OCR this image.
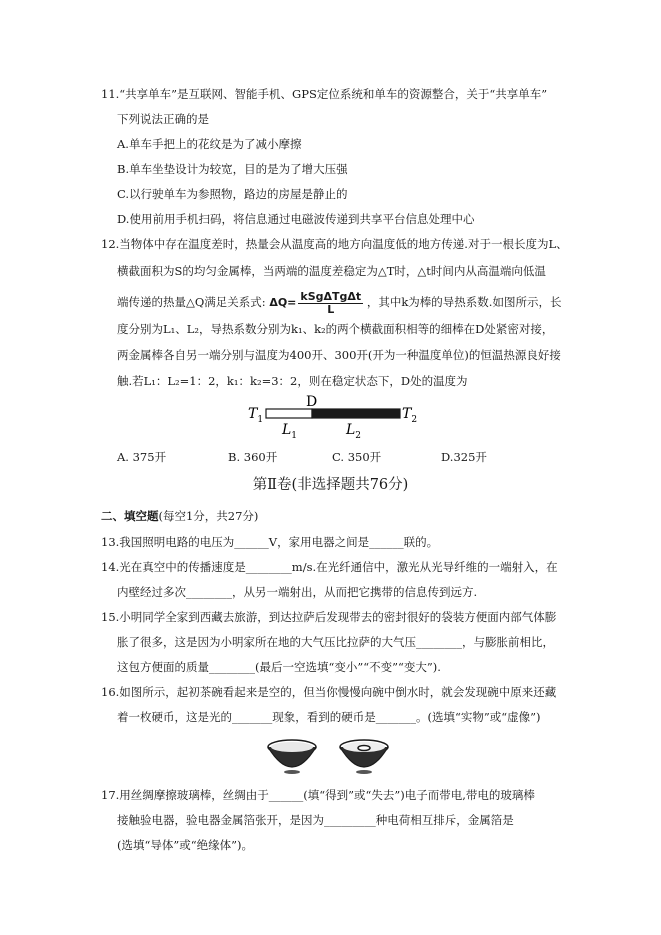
11.“共享单车”是互联网、智能手机、GPS定位系统和单车的资源整合，关于“共享单车”
下列说法正确的是
A.单车手把上的花纹是为了减小摩擦
B.单车坐垫设计为较宽，目的是为了增大压强
C.以行驶单车为参照物，路边的房屋是静止的
D.使用前用手机扫码，将信息通过电磁波传递到共享平台信息处理中心
12.当物体中存在温度差时，热量会从温度高的地方向温度低的地方传递.对于一根长度为L、
横截面积为S的均匀金属棒，当两端的温度差稳定为△T时，△t时间内从高温端向低温
端传递的热量△Q满足关系式: $\Delta Q= \frac{\text{kSgΔTgΔt}}{L}$ ，其中k为棒的导热系数.如图所示，长
度分别为L₁、L₂，导热系数分别为k₁、k₂的两个横截面积相等的细棒在D处紧密对接，
两金属棒各自另一端分别与温度为400开、300开(开为一种温度单位)的恒温热源良好接
触.若L₁：L₂=1：2，k₁：k₂=3：2，则在稳定状态下，D处的温度为
$T_1$
D
$T_2$
$L_1$	$L_2$
A. 375开	B. 360开	C. 350开	D.325开
第Ⅱ卷(非选择题共76分)
二、填空题(每空1分，共27分)
13.我国照明电路的电压为______V，家用电器之间是______联的。
14.光在真空中的传播速度是________m/s.在光纤通信中，激光从光导纤维的一端射入，在
内壁经过多次________，从另一端射出，从而把它携带的信息传到远方.
15.小明同学全家到西藏去旅游，到达拉萨后发现带去的密封很好的袋装方便面内部气体膨
胀了很多，这是因为小明家所在地的大气压比拉萨的大气压________，与膨胀前相比，
这包方便面的质量________(最后一空选填“变小”“不变”“变大”).
16.如图所示，起初茶碗看起来是空的，但当你慢慢向碗中倒水时，就会发现碗中原来还藏
着一枚硬币，这是光的_______现象，看到的硬币是_______。(选填“实物”或“虚像”)
17.用丝绸摩擦玻璃棒，丝绸由于______(填“得到”或“失去”)电子而带电,带电的玻璃棒
接触验电器，验电器金属箔张开，是因为_________种电荷相互排斥，金属箔是
(选填“导体”或“绝缘体”)。
